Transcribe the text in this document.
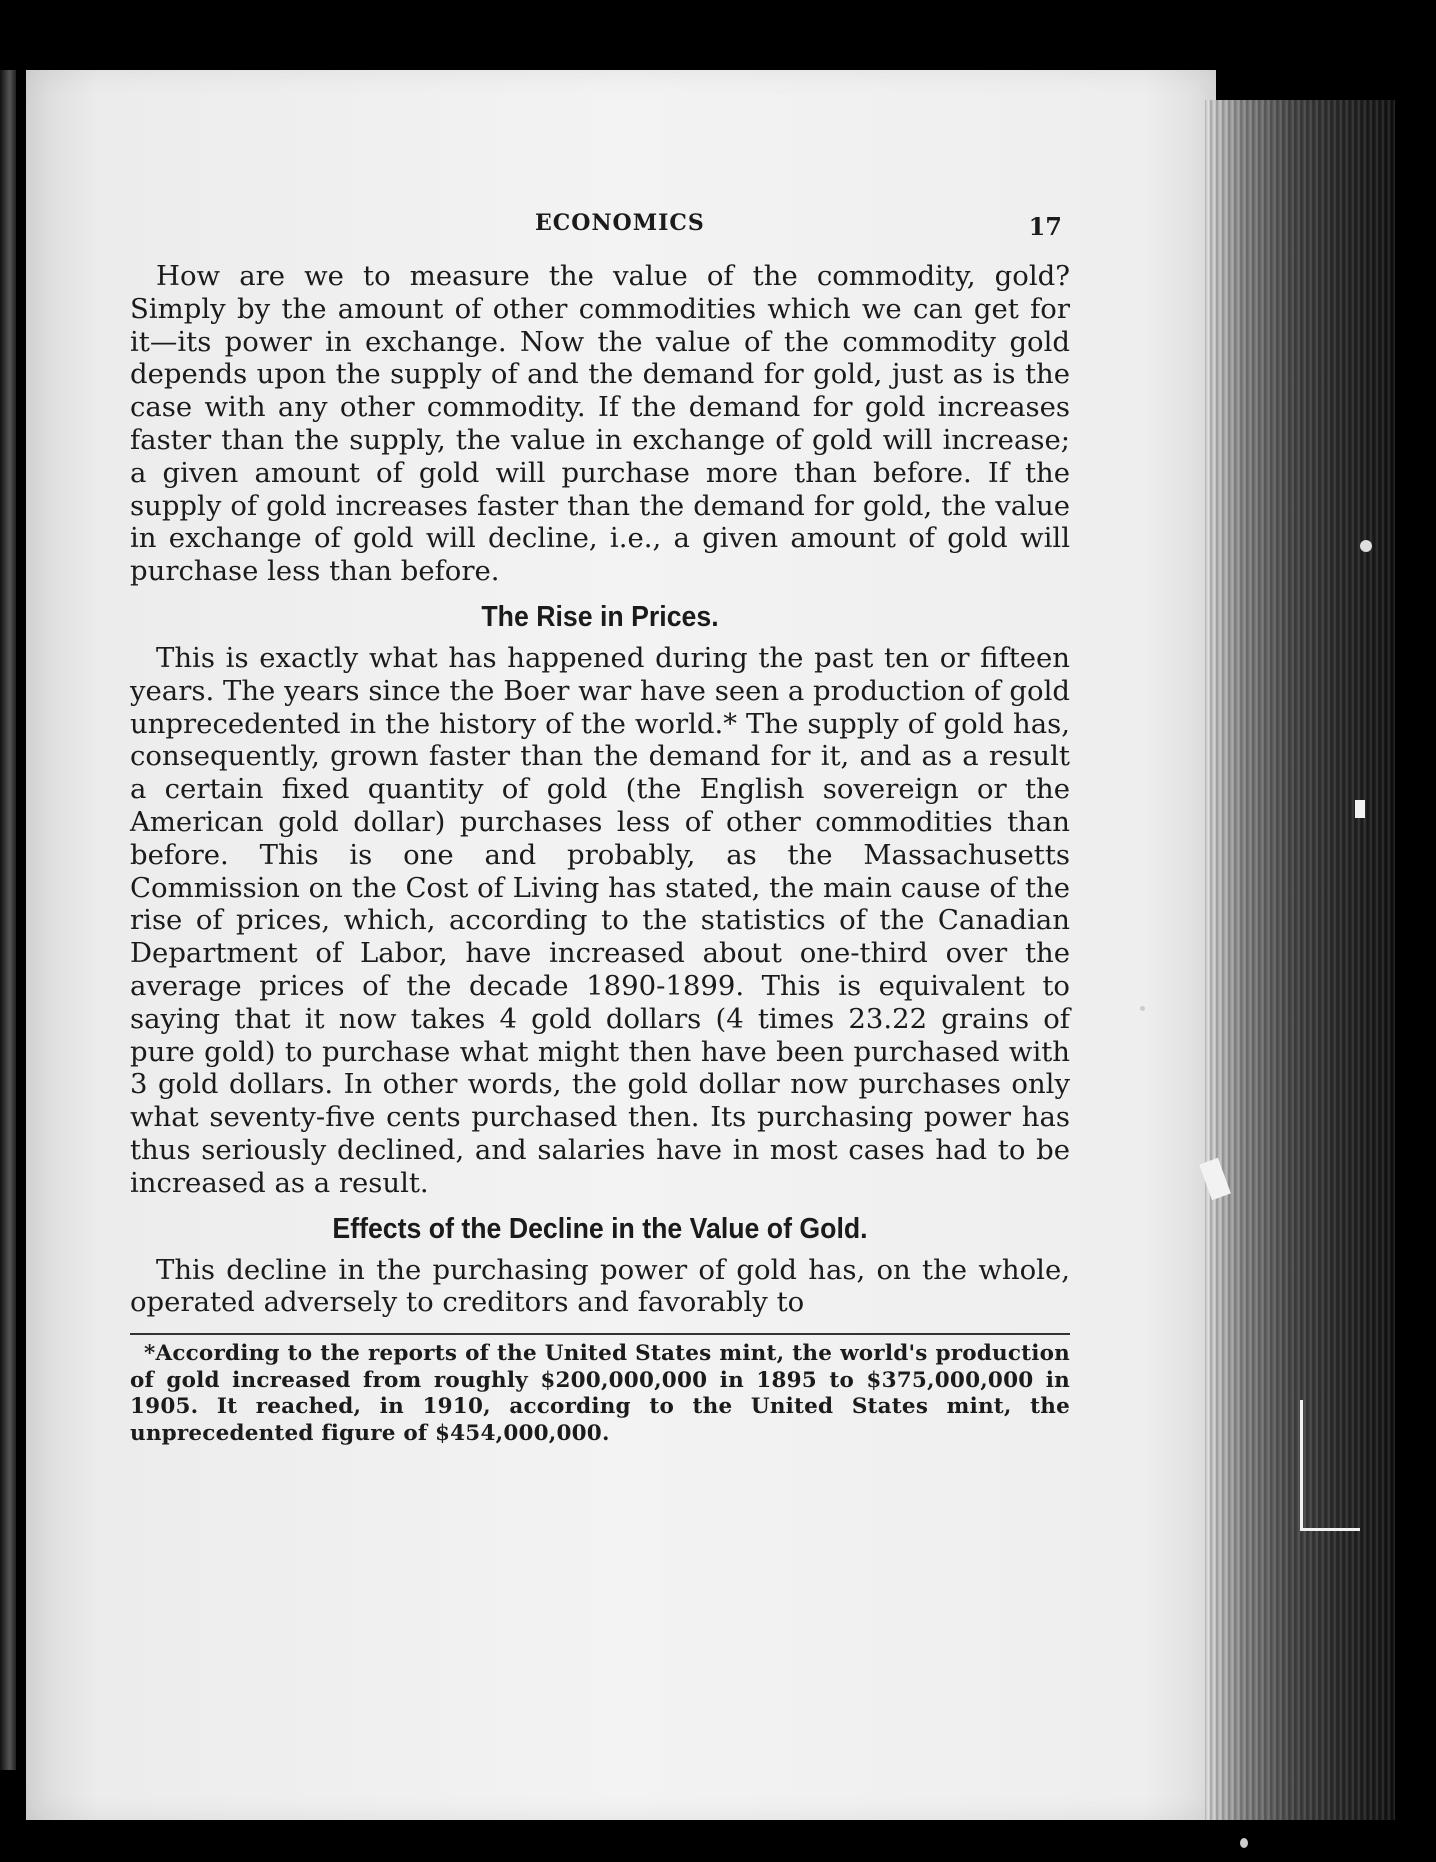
ECONOMICS	17

How are we to measure the value of the commodity, gold? Simply by the amount of other commodities which we can get for it—its power in exchange. Now the value of the commodity gold depends upon the supply of and the demand for gold, just as is the case with any other commodity. If the demand for gold increases faster than the supply, the value in exchange of gold will increase; a given amount of gold will purchase more than before. If the supply of gold increases faster than the demand for gold, the value in exchange of gold will decline, i.e., a given amount of gold will purchase less than before.

The Rise in Prices.

This is exactly what has happened during the past ten or fifteen years. The years since the Boer war have seen a production of gold unprecedented in the history of the world.* The supply of gold has, consequently, grown faster than the demand for it, and as a result a certain fixed quantity of gold (the English sovereign or the American gold dollar) purchases less of other commodities than before. This is one and probably, as the Massachusetts Commission on the Cost of Living has stated, the main cause of the rise of prices, which, according to the statistics of the Canadian Department of Labor, have increased about one-third over the average prices of the decade 1890-1899. This is equivalent to saying that it now takes 4 gold dollars (4 times 23.22 grains of pure gold) to purchase what might then have been purchased with 3 gold dollars. In other words, the gold dollar now purchases only what seventy-five cents purchased then. Its purchasing power has thus seriously declined, and salaries have in most cases had to be increased as a result.

Effects of the Decline in the Value of Gold.

This decline in the purchasing power of gold has, on the whole, operated adversely to creditors and favorably to

*According to the reports of the United States mint, the world's production of gold increased from roughly $200,000,000 in 1895 to $375,000,000 in 1905. It reached, in 1910, according to the United States mint, the unprecedented figure of $454,000,000.
